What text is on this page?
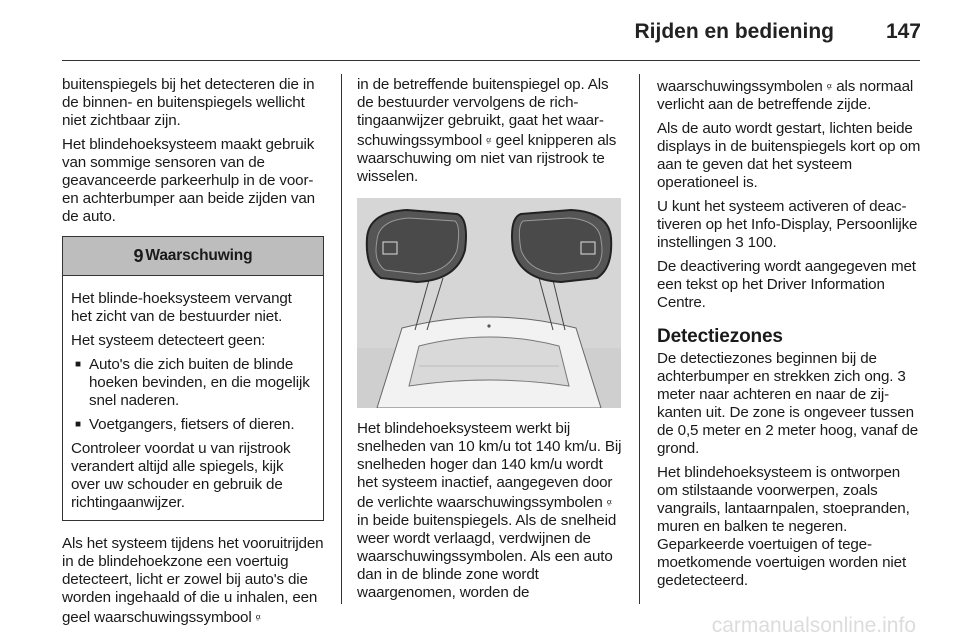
Rijden en bediening 147

buitenspiegels bij het detecteren die in de binnen- en buitenspiegels wellicht niet zichtbaar zijn.

Het blindehoeksysteem maakt gebruik van sommige sensoren van de geavanceerde parkeerhulp in de voor- en achterbumper aan beide zijden van de auto.

9 Waarschuwing

Het blinde-hoeksysteem vervangt het zicht van de bestuurder niet.

Het systeem detecteert geen:

■ Auto's die zich buiten de blinde hoeken bevinden, en die mogelijk snel naderen.
■ Voetgangers, fietsers of dieren.

Controleer voordat u van rijstrook verandert altijd alle spiegels, kijk over uw schouder en gebruik de richtingaanwijzer.

Als het systeem tijdens het vooruitrijden in de blindehoekzone een voertuig detecteert, licht er zowel bij auto's die worden ingehaald of die u inhalen, een geel waarschuwingssymbool ⍶

in de betreffende buitenspiegel op. Als de bestuurder vervolgens de richtingaanwijzer gebruikt, gaat het waarschuwingssymbool ⍶ geel knipperen als waarschuwing om niet van rijstrook te wisselen.

Het blindehoeksysteem werkt bij snelheden van 10 km/u tot 140 km/u. Bij snelheden hoger dan 140 km/u wordt het systeem inactief, aangegeven door de verlichte waarschuwingssymbolen ⍶ in beide buitenspiegels. Als de snelheid weer wordt verlaagd, verdwijnen de waarschuwingssymbolen. Als een auto dan in de blinde zone wordt waargenomen, worden de

waarschuwingssymbolen ⍶ als normaal verlicht aan de betreffende zijde.

Als de auto wordt gestart, lichten beide displays in de buitenspiegels kort op om aan te geven dat het systeem operationeel is.

U kunt het systeem activeren of deactiveren op het Info-Display, Persoonlijke instellingen 3 100.

De deactivering wordt aangegeven met een tekst op het Driver Information Centre.

Detectiezones

De detectiezones beginnen bij de achterbumper en strekken zich ong. 3 meter naar achteren en naar de zijkanten uit. De zone is ongeveer tussen de 0,5 meter en 2 meter hoog, vanaf de grond.

Het blindehoeksysteem is ontworpen om stilstaande voorwerpen, zoals vangrails, lantaarnpalen, stoepranden, muren en balken te negeren. Geparkeerde voertuigen of tegemoetkomende voertuigen worden niet gedetecteerd.

carmanualsonline.info
